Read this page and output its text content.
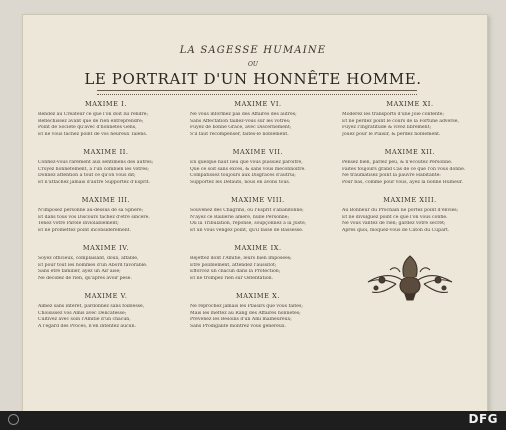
LA SAGESSE HUMAINE
OU
LE PORTRAIT D'UN HONNÊTE HOMME.
MAXIME I.
Rendez au Createur ce que l'on doit lui rendre;
Réfléchissez avant que de rien entreprendre;
Point de Société qu'avec d'honnêtes Gens,
Et ne vous fâchez point de vos heureux Talens.
MAXIME II.
Confiez-vous rarement aux sentimens des autres;
Croyez honnêtement, à l'un combien les vôtres;
Donnez attention à tout ce qu'on vous dit;
Et n'attachez jamais d'autre Supportez d'Esprit.
MAXIME III.
N'imposez personne au-dessus de sa Sphere;
Et dans tous vos Discours tâchez d'être sincère.
Tenez votre Parole inviolablement;
Et ne promettez point inconsidérément.
MAXIME IV.
Soyez officieux, complaisant, doux, affable,
Et pour tout les hommes d'un Abord favorable.
Sans être familier, ayez un Air aisé;
Ne décidez de rien, qu'après avoir pesé.
MAXIME V.
Aimez sans intérêt, pardonnez sans foiblesse,
Choisissez vos Amis avec Délicatesse;
Cultivez avec soin l'Amitié d'un chacun,
A l'égard des Procès, n'en intentez aucun.
MAXIME VI.
Ne vous informez pas des Affaires des autres;
Sans Affectation taillez-vous sur les vôtres;
Fuyez de bonne Grâce, avec Discernement;
S'il faut récompenser, faites-le noblement.
MAXIME VII.
En quelque haut lieu que vous puissiez paroître,
Que ce soit sans excès, & sans vous méconnoître.
Compatissez toujours aux Disgraces d'autrui;
Supportez les Défauts, nous en avons tous.
MAXIME VIII.
Souvenez des Chagrins, où l'Esprit s'abandonne;
N'ayez ce Raillerie amère, nulle Personne;
Ou la Tribulation, reponse, soupçonnez à la Juste,
Et un vous vengez point, qu'il fasse de Bassesse.
MAXIME IX.
Rejettez dont l'Amitié, leurs bien Imposées;
Ètre poliblement, attendez l'aussitôt;
Efforcez un chacun dans la Protection;
Et ne trompez rien sur Ostentation.
MAXIME X.
Ne reprochez jamais les Plaisirs que vous faites;
Mais les mettez au Rang des Affaires honnêtes;
Prévenez les Besoins d'un Ami malheureux;
Sans Prodigalité montrez vous généreux.
MAXIME XI.
Moderez les transports d'une Joie contente;
Et ne perdez point le cours de la Fortune adverse,
Fuyez l'Ingratitude & vivez librement;
Jouez pour le Plaisir, & perdez noblement.
MAXIME XII.
Pensez bien, parlez peu, & n'écoutez Personne.
Faites toujours grand Cas de ce que l'on vous donne.
Ne traumatisez point la pauvre Habitante:
Pour bas, comme pour vous, ayez la bonne Humeur.
MAXIME XIII.
Au Bonheur du Prochain ne portez point d'envies;
Et ne divulguez point ce que l'on vous confie.
Ne vous vantez de rien; gardez votre secret;
Après quoi, moquez-vous de Caton du Cupart.
DFG
